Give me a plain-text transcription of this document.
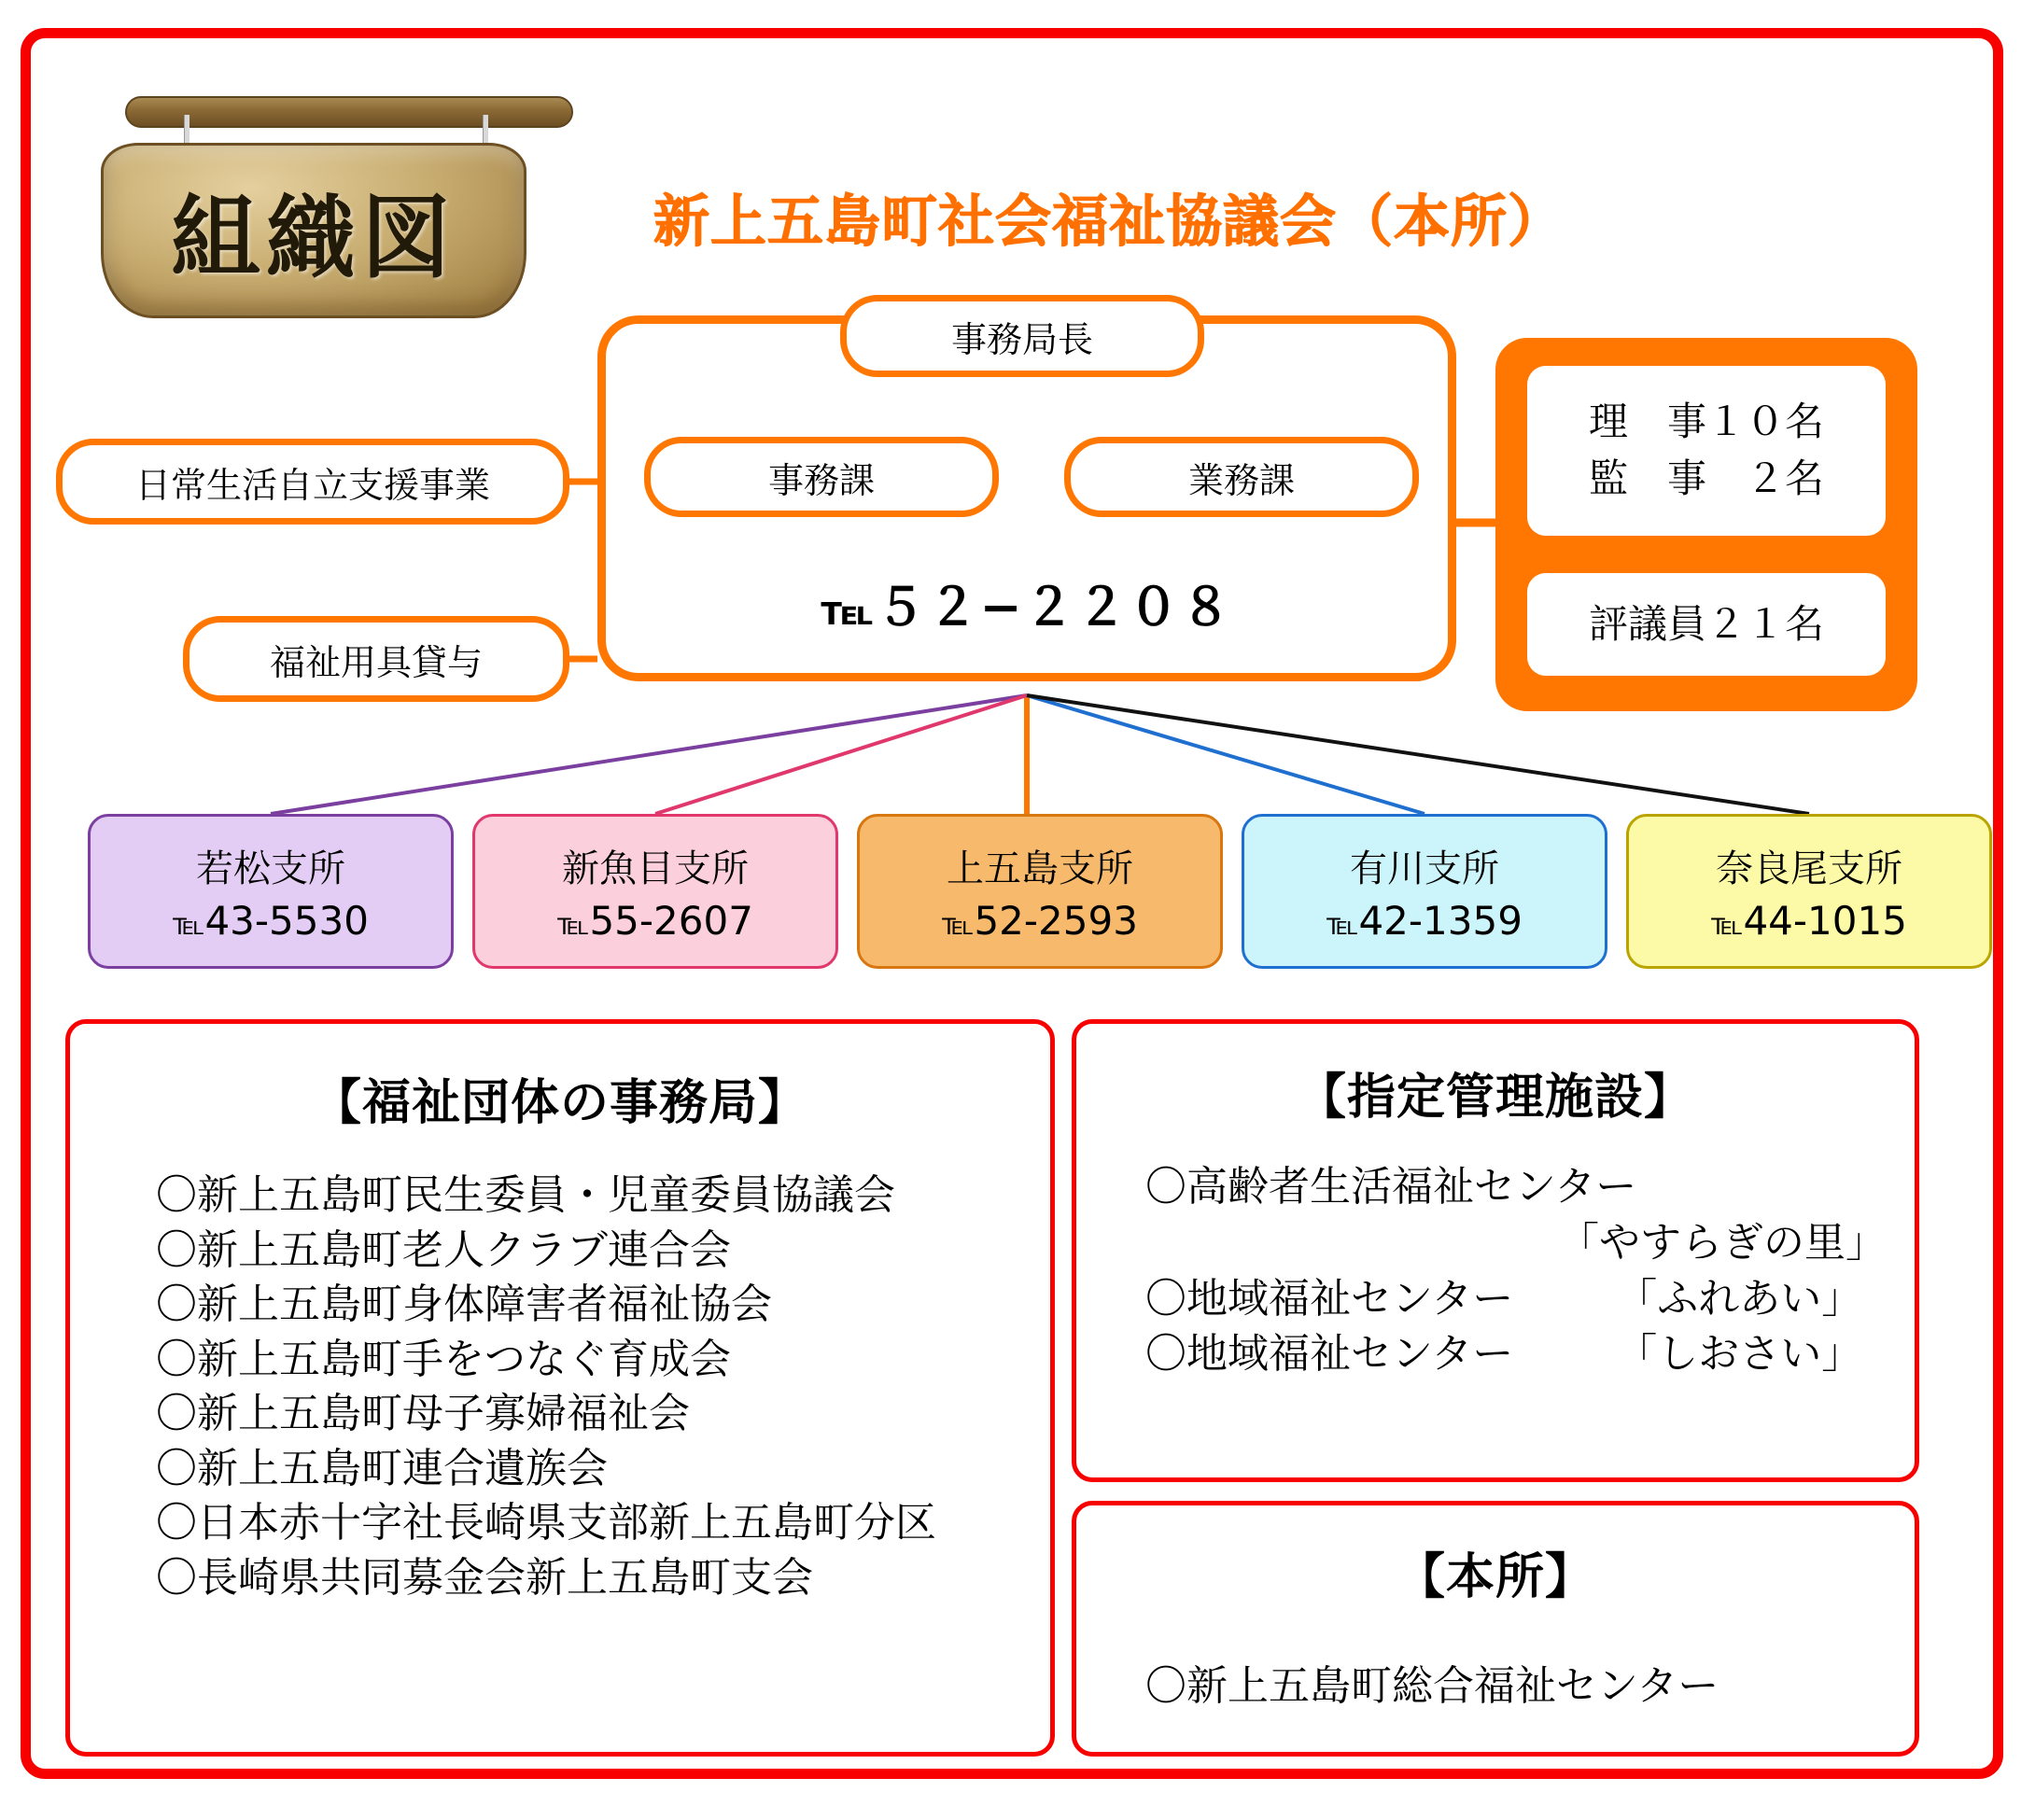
組織図	新上五島町社会福祉協議会（本所）
事務局長
事務課	業務課
℡５２−２２０８
日常生活自立支援事業
福祉用具貸与
理　事１０名
監　事　２名
評議員２１名
若松支所
℡43-5530
新魚目支所
℡55-2607
上五島支所
℡52-2593
有川支所
℡42-1359
奈良尾支所
℡44-1015
【福祉団体の事務局】
〇新上五島町民生委員・児童委員協議会
〇新上五島町老人クラブ連合会
〇新上五島町身体障害者福祉協会
〇新上五島町手をつなぐ育成会
〇新上五島町母子寡婦福祉会
〇新上五島町連合遺族会
〇日本赤十字社長崎県支部新上五島町分区
〇長崎県共同募金会新上五島町支会
【指定管理施設】
〇高齢者生活福祉センター
「やすらぎの里」
〇地域福祉センター　　　「ふれあい」
〇地域福祉センター　　　「しおさい」
【本所】
〇新上五島町総合福祉センター
